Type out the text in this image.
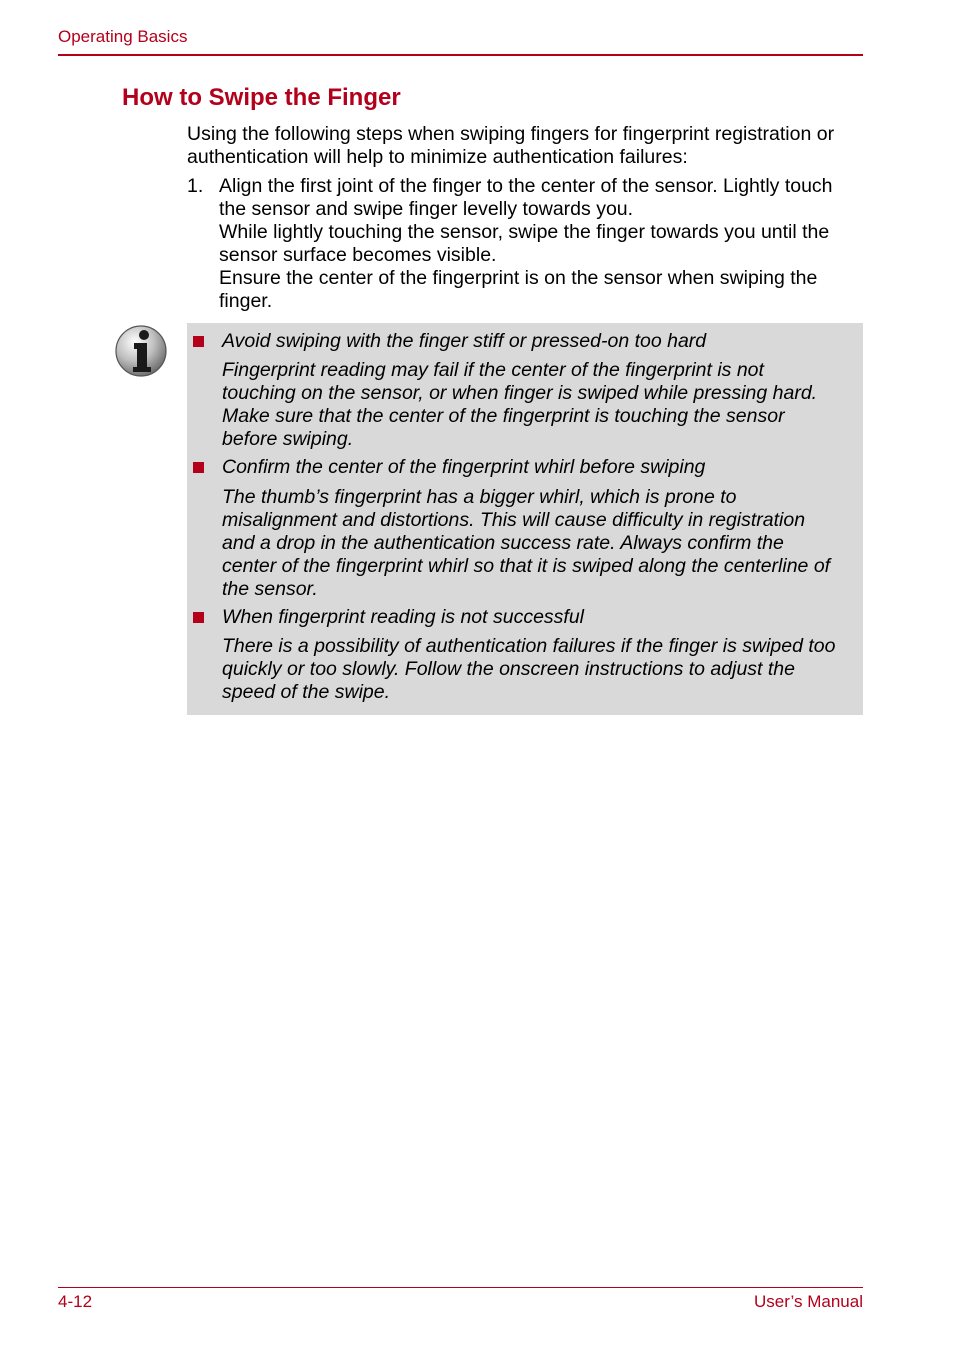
Operating Basics
How to Swipe the Finger
Using the following steps when swiping fingers for fingerprint registration or
authentication will help to minimize authentication failures:
1. Align the first joint of the finger to the center of the sensor. Lightly touch
the sensor and swipe finger levelly towards you.
While lightly touching the sensor, swipe the finger towards you until the
sensor surface becomes visible.
Ensure the center of the fingerprint is on the sensor when swiping the
finger.
Avoid swiping with the finger stiff or pressed-on too hard
Fingerprint reading may fail if the center of the fingerprint is not
touching on the sensor, or when finger is swiped while pressing hard.
Make sure that the center of the fingerprint is touching the sensor
before swiping.
Confirm the center of the fingerprint whirl before swiping
The thumb’s fingerprint has a bigger whirl, which is prone to
misalignment and distortions. This will cause difficulty in registration
and a drop in the authentication success rate. Always confirm the
center of the fingerprint whirl so that it is swiped along the centerline of
the sensor.
When fingerprint reading is not successful
There is a possibility of authentication failures if the finger is swiped too
quickly or too slowly. Follow the onscreen instructions to adjust the
speed of the swipe.
4-12	User’s Manual
